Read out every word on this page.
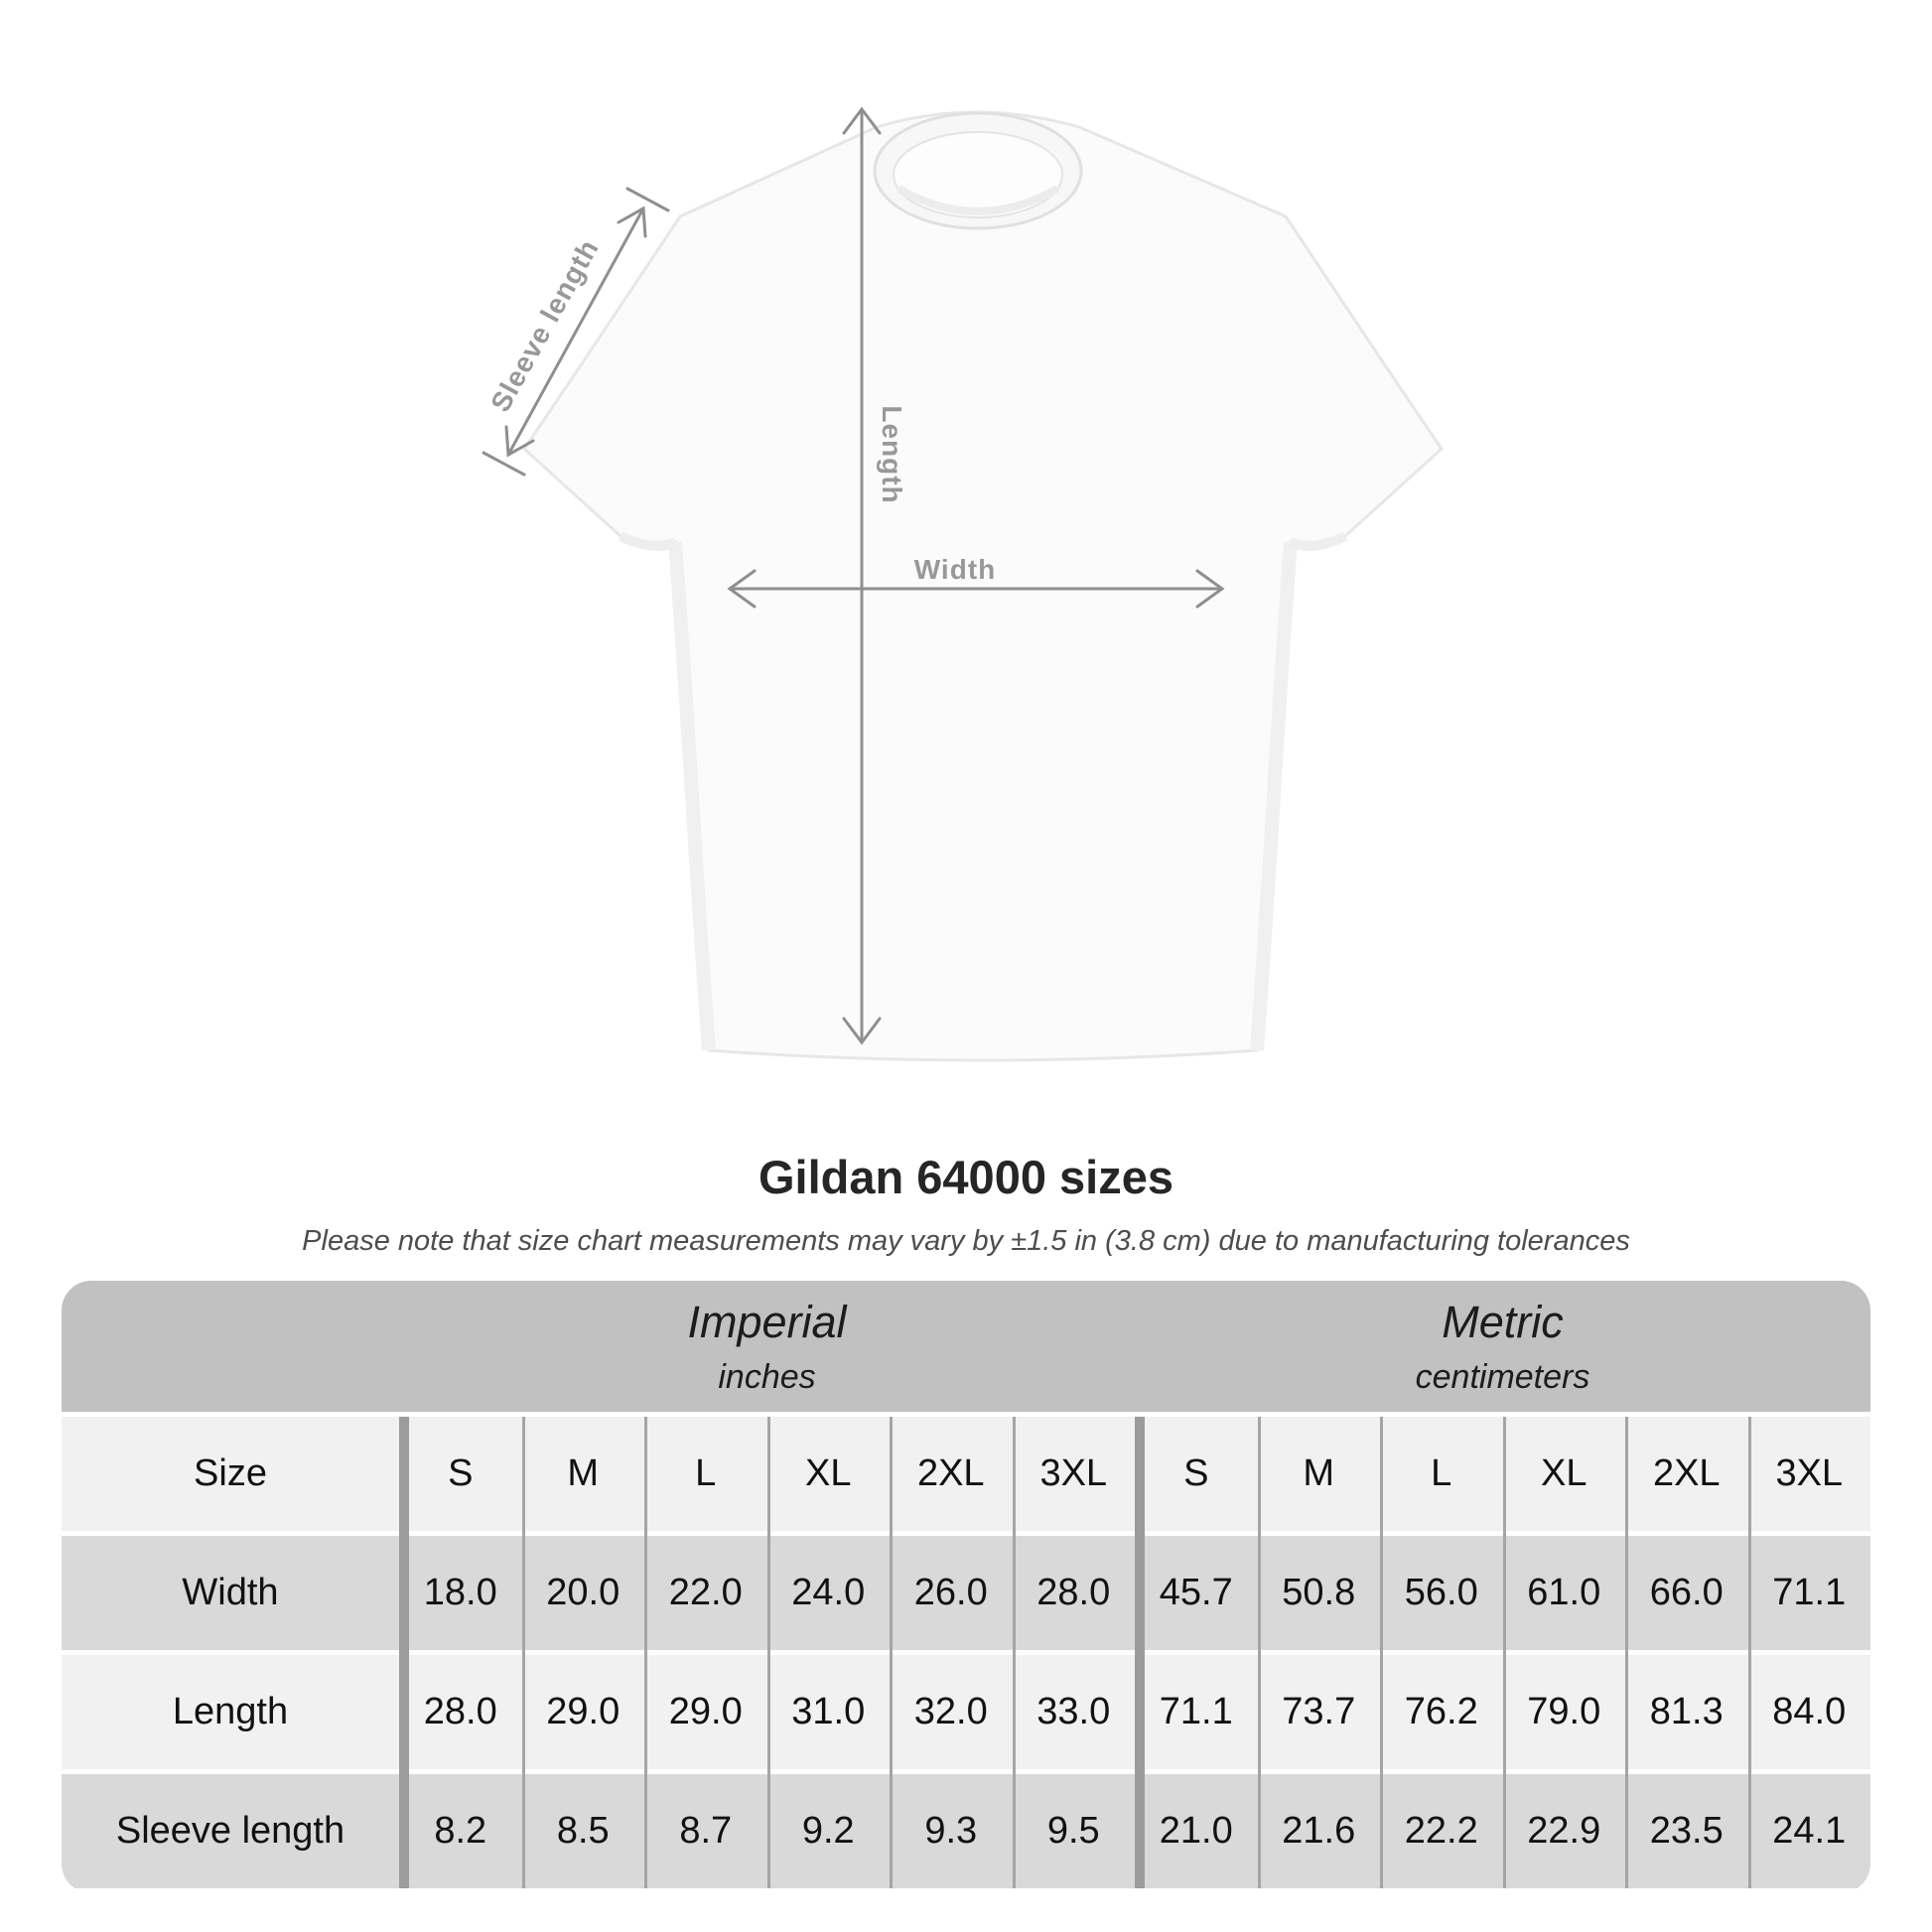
Sleeve length
Length
Width
Gildan 64000 sizes
Please note that size chart measurements may vary by ±1.5 in (3.8 cm) due to manufacturing tolerances
Imperial
inches
Metric
centimeters
Size	S	M	L	XL	2XL	3XL	S	M	L	XL	2XL	3XL
Width	18.0	20.0	22.0	24.0	26.0	28.0	45.7	50.8	56.0	61.0	66.0	71.1
Length	28.0	29.0	29.0	31.0	32.0	33.0	71.1	73.7	76.2	79.0	81.3	84.0
Sleeve length	8.2	8.5	8.7	9.2	9.3	9.5	21.0	21.6	22.2	22.9	23.5	24.1
